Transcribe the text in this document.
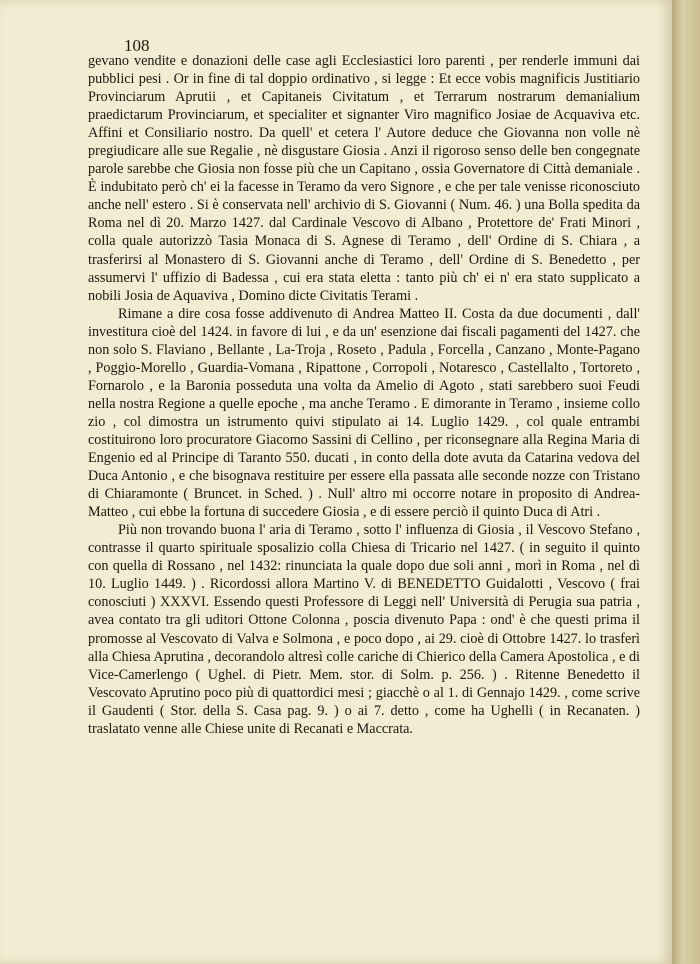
108

gevano vendite e donazioni delle case agli Ecclesiastici loro parenti , per renderle immuni dai pubblici pesi . Or in fine di tal doppio ordinativo , si legge : Et ecce vobis magnificis Justitiario Provinciarum Aprutii , et Capitaneis Civitatum , et Terrarum nostrarum demanialium praedictarum Provinciarum, et specialiter et signanter Viro magnifico Josiae de Acquaviva etc. Affini et Consiliario nostro. Da quell' et cetera l' Autore deduce che Giovanna non volle nè pregiudicare alle sue Regalie , nè disgustare Giosia . Anzi il rigoroso senso delle ben congegnate parole sarebbe che Giosia non fosse più che un Capitano , ossia Governatore di Città demaniale . È indubitato però ch' ei la facesse in Teramo da vero Signore , e che per tale venisse riconosciuto anche nell' estero . Si è conservata nell' archivio di S. Giovanni ( Num. 46. ) una Bolla spedita da Roma nel dì 20. Marzo 1427. dal Cardinale Vescovo di Albano , Protettore de' Frati Minori , colla quale autorizzò Tasia Monaca di S. Agnese di Teramo , dell' Ordine di S. Chiara , a trasferirsi al Monastero di S. Giovanni anche di Teramo , dell' Ordine di S. Benedetto , per assumervi l' uffizio di Badessa , cui era stata eletta : tanto più ch' ei n' era stato supplicato a nobili Josia de Aquaviva , Domino dicte Civitatis Terami .

Rimane a dire cosa fosse addivenuto di Andrea Matteo II. Costa da due documenti , dall' investitura cioè del 1424. in favore di lui , e da un' esenzione dai fiscali pagamenti del 1427. che non solo S. Flaviano , Bellante , La-Troja , Roseto , Padula , Forcella , Canzano , Monte-Pagano , Poggio-Morello , Guardia-Vomana , Ripattone , Corropoli , Notaresco , Castellalto , Tortoreto , Fornarolo , e la Baronia posseduta una volta da Amelio di Agoto , stati sarebbero suoi Feudi nella nostra Regione a quelle epoche , ma anche Teramo . E dimorante in Teramo , insieme collo zio , col dimostra un istrumento quivi stipulato ai 14. Luglio 1429. , col quale entrambi costituirono loro procuratore Giacomo Sassini di Cellino , per riconsegnare alla Regina Maria di Engenio ed al Principe di Taranto 550. ducati , in conto della dote avuta da Catarina vedova del Duca Antonio , e che bisognava restituire per essere ella passata alle seconde nozze con Tristano di Chiaramonte ( Bruncet. in Sched. ) . Null' altro mi occorre notare in proposito di Andrea-Matteo , cui ebbe la fortuna di succedere Giosia , e di essere perciò il quinto Duca di Atri .

Più non trovando buona l' aria di Teramo , sotto l' influenza di Giosia , il Vescovo Stefano , contrasse il quarto spirituale sposalizio colla Chiesa di Tricario nel 1427. ( in seguito il quinto con quella di Rossano , nel 1432: rinunciata la quale dopo due soli anni , morì in Roma , nel dì 10. Luglio 1449. ) . Ricordossi allora Martino V. di BENEDETTO Guidalotti , Vescovo ( frai conosciuti ) XXXVI. Essendo questi Professore di Leggi nell' Università di Perugia sua patria , avea contato tra gli uditori Ottone Colonna , poscia divenuto Papa : ond' è che questi prima il promosse al Vescovato di Valva e Solmona , e poco dopo , ai 29. cioè di Ottobre 1427. lo trasferì alla Chiesa Aprutina , decorandolo altresì colle cariche di Chierico della Camera Apostolica , e di Vice-Camerlengo ( Ughel. di Pietr. Mem. stor. di Solm. p. 256. ) . Ritenne Benedetto il Vescovato Aprutino poco più di quattordici mesi ; giacchè o al 1. di Gennajo 1429. , come scrive il Gaudenti ( Stor. della S. Casa pag. 9. ) o ai 7. detto , come ha Ughelli ( in Recanaten. ) traslatato venne alle Chiese unite di Recanati e Maccrata.
